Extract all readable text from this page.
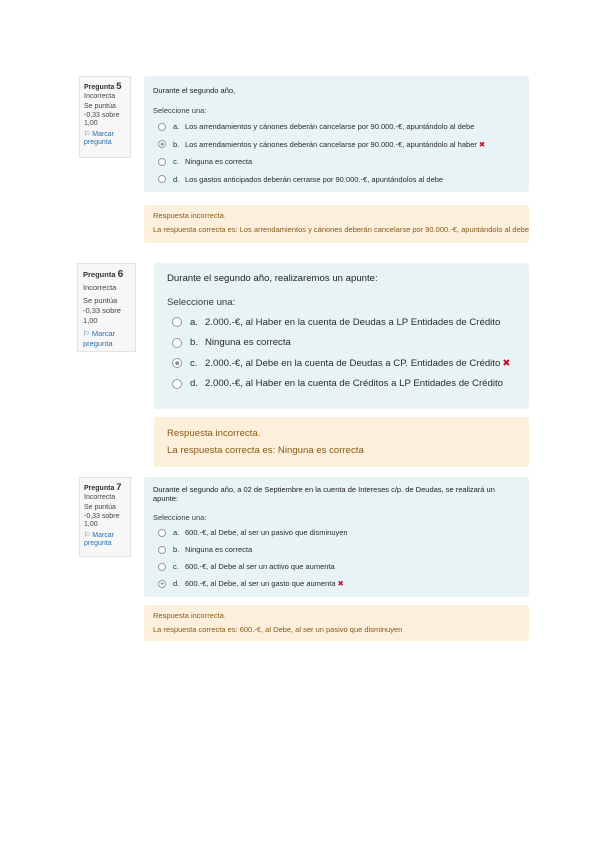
Pregunta 5
Incorrecta
Se puntúa -0,33 sobre 1,00
⚐ Marcar pregunta
Durante el segundo año,
Seleccione una:
a. Los arrendamientos y cánones deberán cancelarse por 90.000.-€, apuntándolo al debe
b. Los arrendamientos y cánones deberán cancelarse por 90.000.-€, apuntándolo al haber ✖
c. Ninguna es correcta
d. Los gastos anticipados deberán cerrarse por 90.000.-€, apuntándolos al debe
Respuesta incorrecta.
La respuesta correcta es: Los arrendamientos y cánones deberán cancelarse por 90.000.-€, apuntándolo al debe
Pregunta 6
Incorrecta
Se puntúa -0,33 sobre 1,00
⚐ Marcar pregunta
Durante el segundo año, realizaremos un apunte:
Seleccione una:
a. 2.000.-€, al Haber en la cuenta de Deudas a LP Entidades de Crédito
b. Ninguna es correcta
c. 2.000.-€, al Debe en la cuenta de Deudas a CP. Entidades de Crédito ✖
d. 2.000.-€, al Haber en la cuenta de Créditos a LP Entidades de Crédito
Respuesta incorrecta.
La respuesta correcta es: Ninguna es correcta
Pregunta 7
Incorrecta
Se puntúa -0,33 sobre 1,00
⚐ Marcar pregunta
Durante el segundo año, a 02 de Septiembre en la cuenta de Intereses c/p. de Deudas, se realizará un apunte:
Seleccione una:
a. 600.-€, al Debe, al ser un pasivo que disminuyen
b. Ninguna es correcta
c. 600.-€, al Debe al ser un activo que aumenta
d. 600.-€, al Debe, al ser un gasto que aumenta ✖
Respuesta incorrecta.
La respuesta correcta es: 600.-€, al Debe, al ser un pasivo que disminuyen
